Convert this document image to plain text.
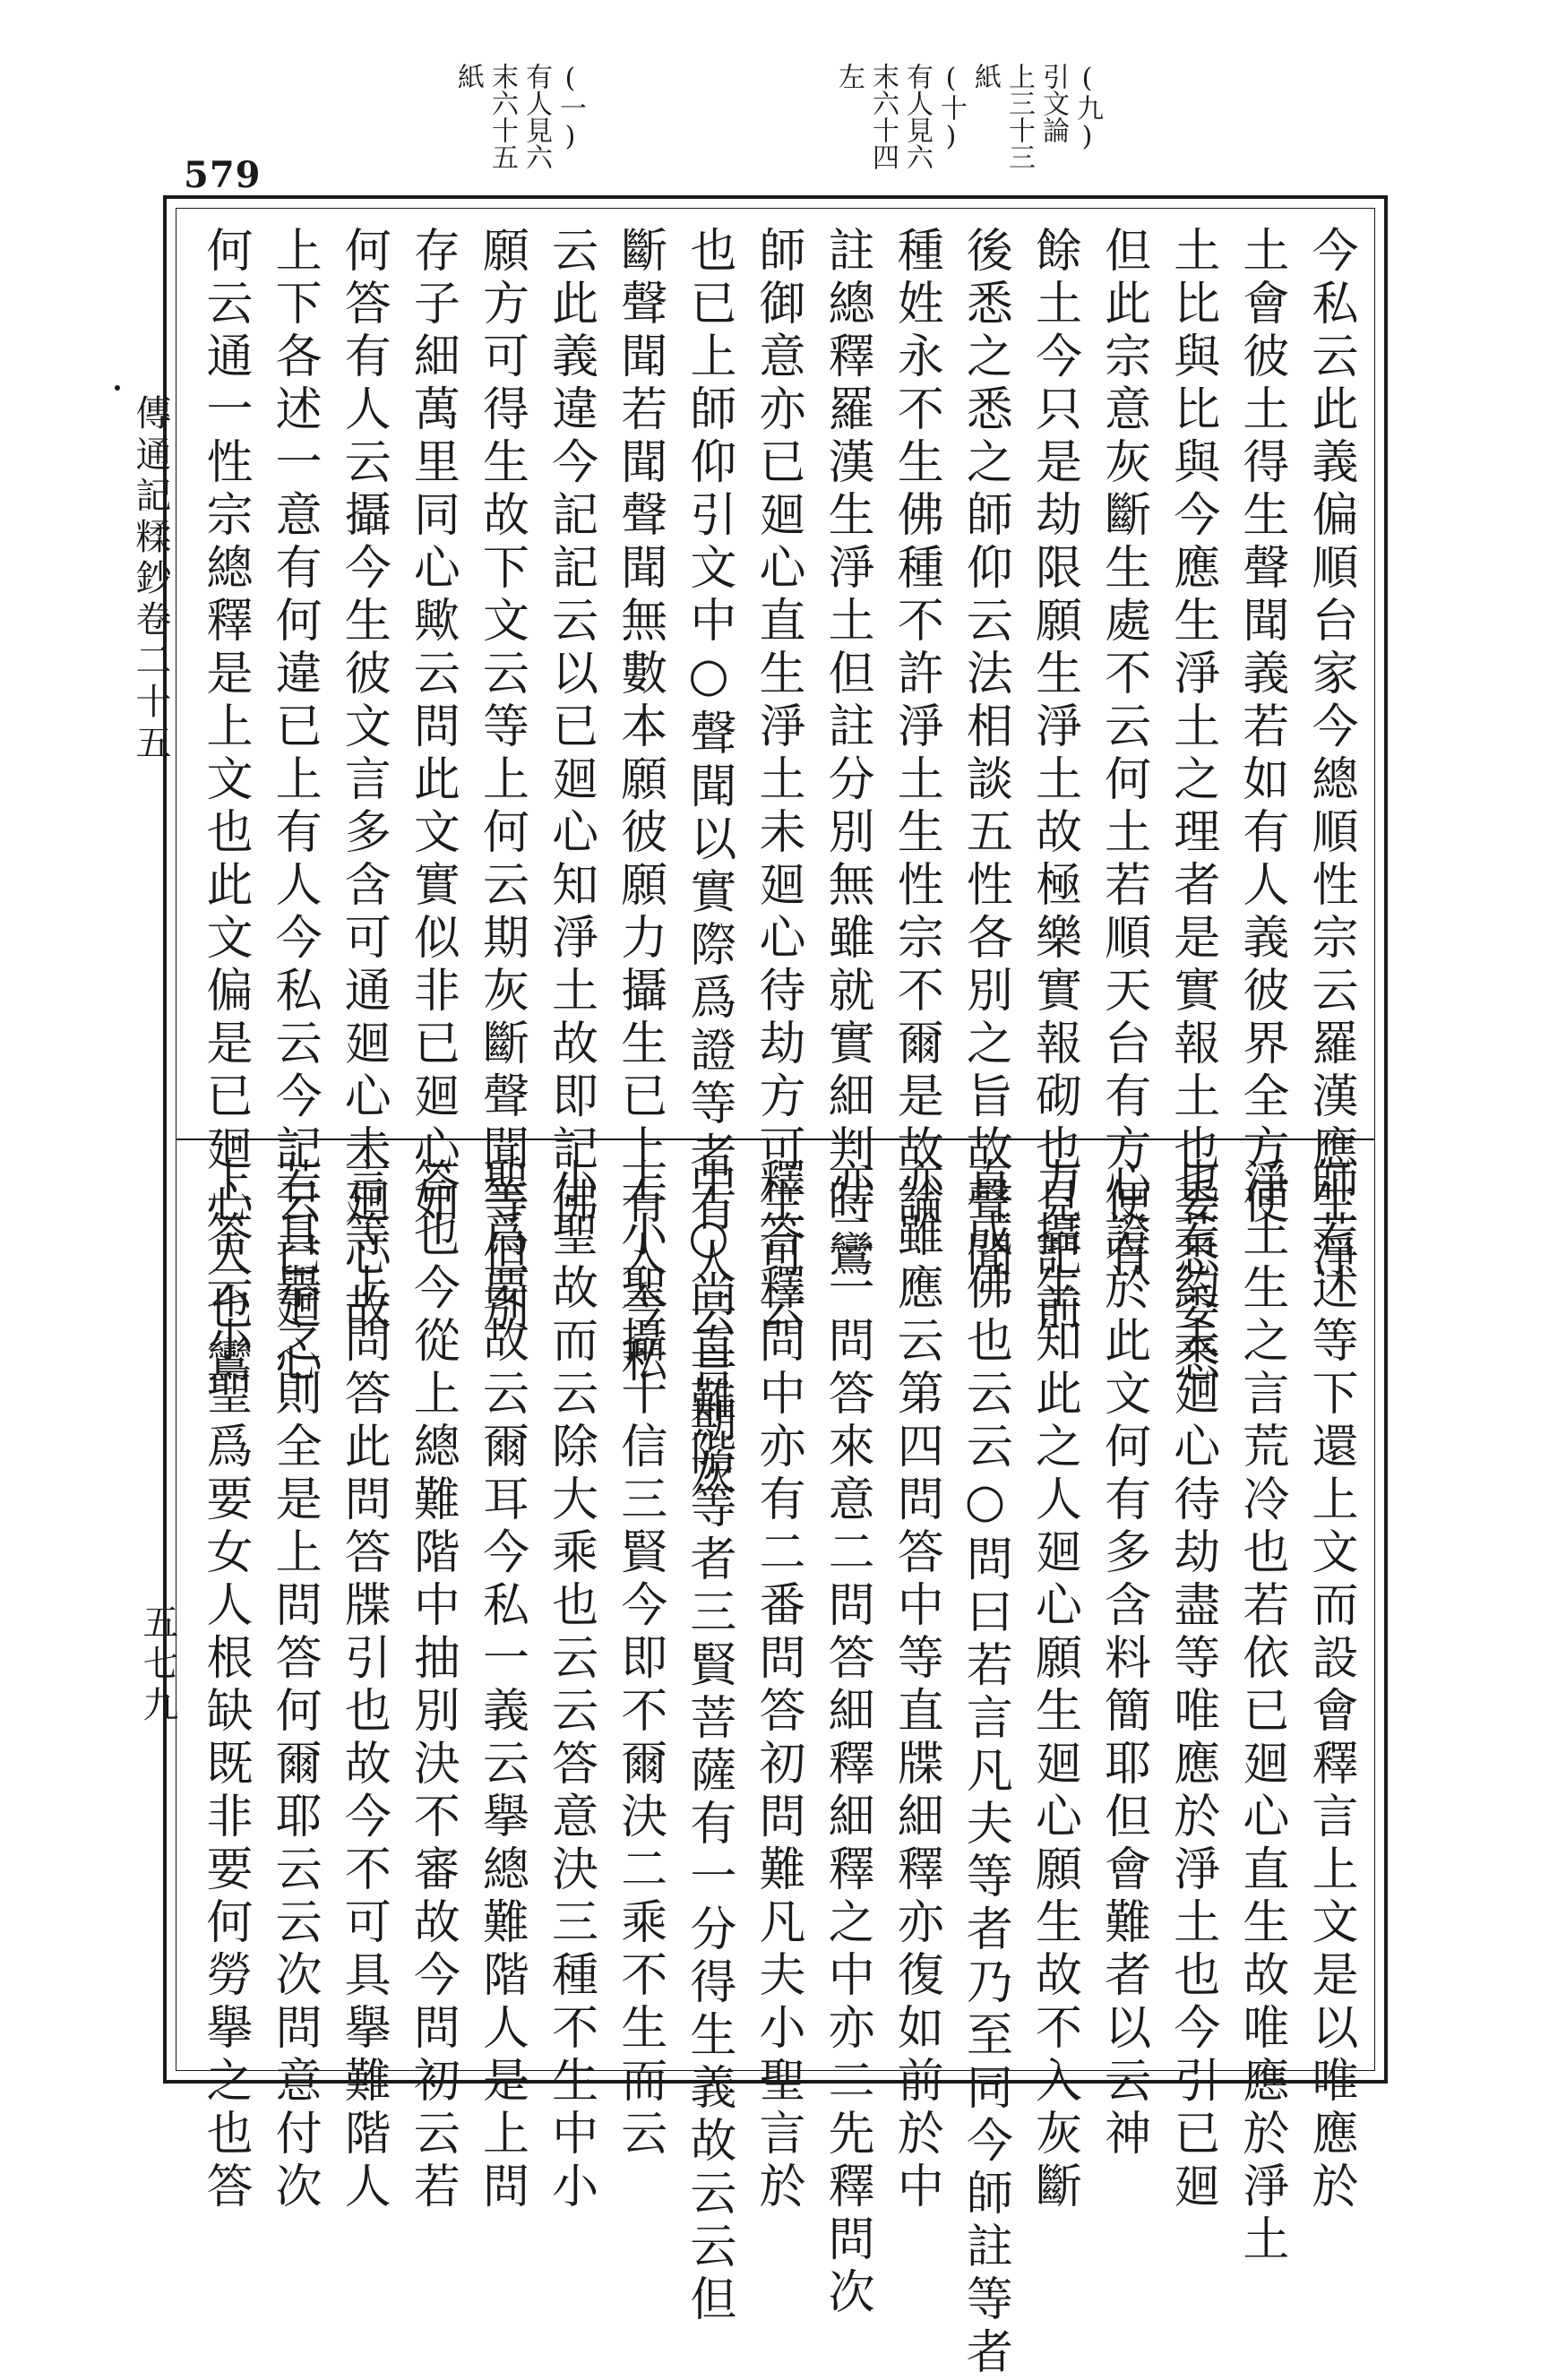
579
(一)
有人見六
末六十五
紙	(九)
引文論
上三十三
紙
(十)
有人見六
末六十四
左
傳通記糅鈔卷二十五
五七九
今私云此義偏順台家今總順性宗云羅漢應生淨
土會彼土得生聲聞義若如有人義彼界全方便
土比與比與今應生淨土之理者是實報土也委悉委悉
但此宗意灰斷生處不云何土若順天台有方便有
餘土今只是劫限願生淨土故極樂實報砌也見記前
後悉之悉之師仰云法相談五性各別之旨故聲聞
種姓永不生佛種不許淨土生性宗不爾是故論
註總釋羅漢生淨土但註分別無雖就實細判時鸞
師御意亦已廻心直生淨土未廻心待劫方可生可云
也已上師仰引文中○聲聞以實際爲證等者有人云言期灰
斷聲聞若聞聲聞無數本願彼願力攝生已上有人今私
云此義違今記記云以已廻心知淨土故即記佛
願方可得生故下文云等上何云期灰斷聲聞等但別
存子細萬里同心歟云問此文實似非已廻心如
何答有人云攝今生彼文言多含可通廻心未廻心故
上下各述一意有何違已上有人今私云今記云已廻心
何云通一性宗總釋是上文也此文偏是已廻心人也鸞
師若述等下還上文而設會釋言上文是以唯應於
淨土生之言荒冷也若依已廻心直生故唯應於淨土
也若約未廻心待劫盡等唯應於淨土也今引已廻
心證於此文何有多含料簡耶但會難者以云神
力攝生知此之人廻心願生廻心願生故不入灰斷
直成佛也云云○問曰若言凡夫等者乃至同今師註等者
亦雖應云第四問答中等直牒細釋亦復如前於中
亦二一問答來意二問答細釋細釋之中亦二先釋問次
釋答釋問中亦有二番問答初問難凡夫小聖言於
中○尚直難階等者三賢菩薩有一分得生義故云云但
上小聖攝十信三賢今即不爾決二乘不生而云
小聖故而云除大乘也云云答意決三種不生中小
聖爲要故云爾耳今私一義云擧總難階人是上問
答也今從上總難階中抽別決不審故今問初云若
言等上問答此問答牒引也故今不可具擧難階人
若具擧之則全是上問答何爾耶云云次問意付次
上答云小聖爲要女人根缺既非要何勞擧之也答
